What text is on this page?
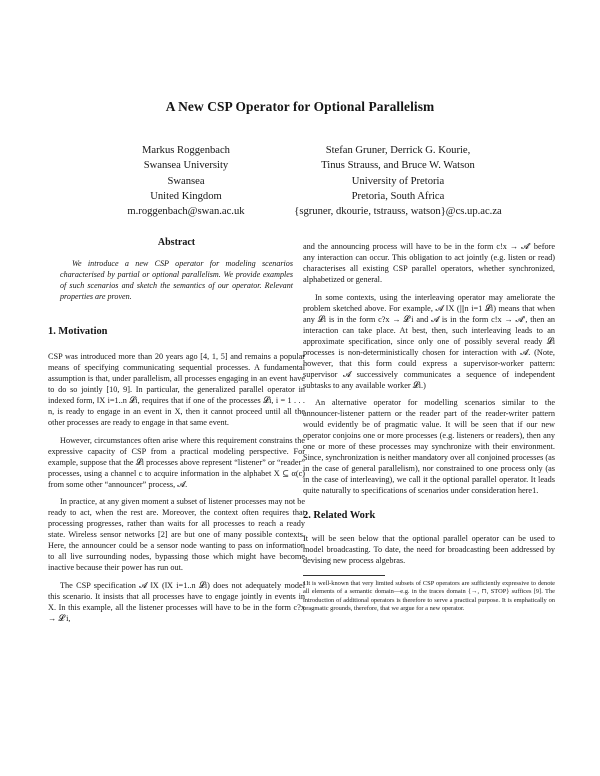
A New CSP Operator for Optional Parallelism
Markus Roggenbach
Swansea University
Swansea
United Kingdom
m.roggenbach@swan.ac.uk
Stefan Gruner, Derrick G. Kourie,
Tinus Strauss, and Bruce W. Watson
University of Pretoria
Pretoria, South Africa
{sgruner, dkourie, tstrauss, watson}@cs.up.ac.za
Abstract

We introduce a new CSP operator for modeling scenarios characterised by partial or optional parallelism. We provide examples of such scenarios and sketch the semantics of our operator. Relevant properties are proven.

1. Motivation

CSP was introduced more than 20 years ago [4, 1, 5] and remains a popular means of specifying communicating sequential processes. A fundamental assumption is that, under parallelism, all processes engaging in an event have to do so jointly [10, 9]. In particular, the generalized parallel operator in indexed form, ‖X i=1..n 𝓛i, requires that if one of the processes 𝓛i, i = 1 . . . n, is ready to engage in an event in X, then it cannot proceed until all the other processes are ready to engage in that same event.

However, circumstances often arise where this requirement constrains the expressive capacity of CSP from a practical modeling perspective. For example, suppose that the 𝓛i processes above represent “listener” or “reader” processes, using a channel c to acquire information in the alphabet X ⊆ α(c) from some other “announcer” process, 𝓐.

In practice, at any given moment a subset of listener processes may not be ready to act, when the rest are. Moreover, the context often requires that processing progresses, rather than waits for all processes to reach a ready state. Wireless sensor networks [2] are but one of many possible contexts. Here, the announcer could be a sensor node wanting to pass on information to all live surrounding nodes, bypassing those which might have become inactive because their power has run out.

The CSP specification 𝓐 ‖X (‖X i=1..n 𝓛i) does not adequately model this scenario. It insists that all processes have to engage jointly in events in X. In this example, all the listener processes will have to be in the form c?x → 𝓛′i,

and the announcing process will have to be in the form c!x → 𝓐′ before any interaction can occur. This obligation to act jointly (e.g. listen or read) characterises all existing CSP parallel operators, whether synchronized, alphabetized or general.

In some contexts, using the interleaving operator may ameliorate the problem sketched above. For example, 𝓐 ‖X (|||n i=1 𝓛i) means that when any 𝓛i is in the form c?x → 𝓛′i and 𝓐 is in the form c!x → 𝓐′, then an interaction can take place. At best, then, such interleaving leads to an approximate specification, since only one of possibly several ready 𝓛i processes is non-deterministically chosen for interaction with 𝓐. (Note, however, that this form could express a supervisor-worker pattern: supervisor 𝓐 successively communicates a sequence of independent subtasks to any available worker 𝓛i.)

An alternative operator for modelling scenarios similar to the announcer-listener pattern or the reader part of the reader-writer pattern would evidently be of pragmatic value. It will be seen that if our new operator conjoins one or more processes (e.g. listeners or readers), then any one or more of these processes may synchronize with their environment. Since, synchronization is neither mandatory over all conjoined processes (as in the case of general parallelism), nor constrained to one process only (as in the case of interleaving), we call it the optional parallel operator. It leads quite naturally to specifications of scenarios under consideration here1.

2. Related Work

It will be seen below that the optional parallel operator can be used to model broadcasting. To date, the need for broadcasting been addressed by devising new process algebras.

1It is well-known that very limited subsets of CSP operators are sufficiently expressive to denote all elements of a semantic domain—e.g. in the traces domain {→, ⊓, STOP} suffices [9]. The introduction of additional operators is therefore to serve a practical purpose. It is emphatically on pragmatic grounds, therefore, that we argue for a new operator.
